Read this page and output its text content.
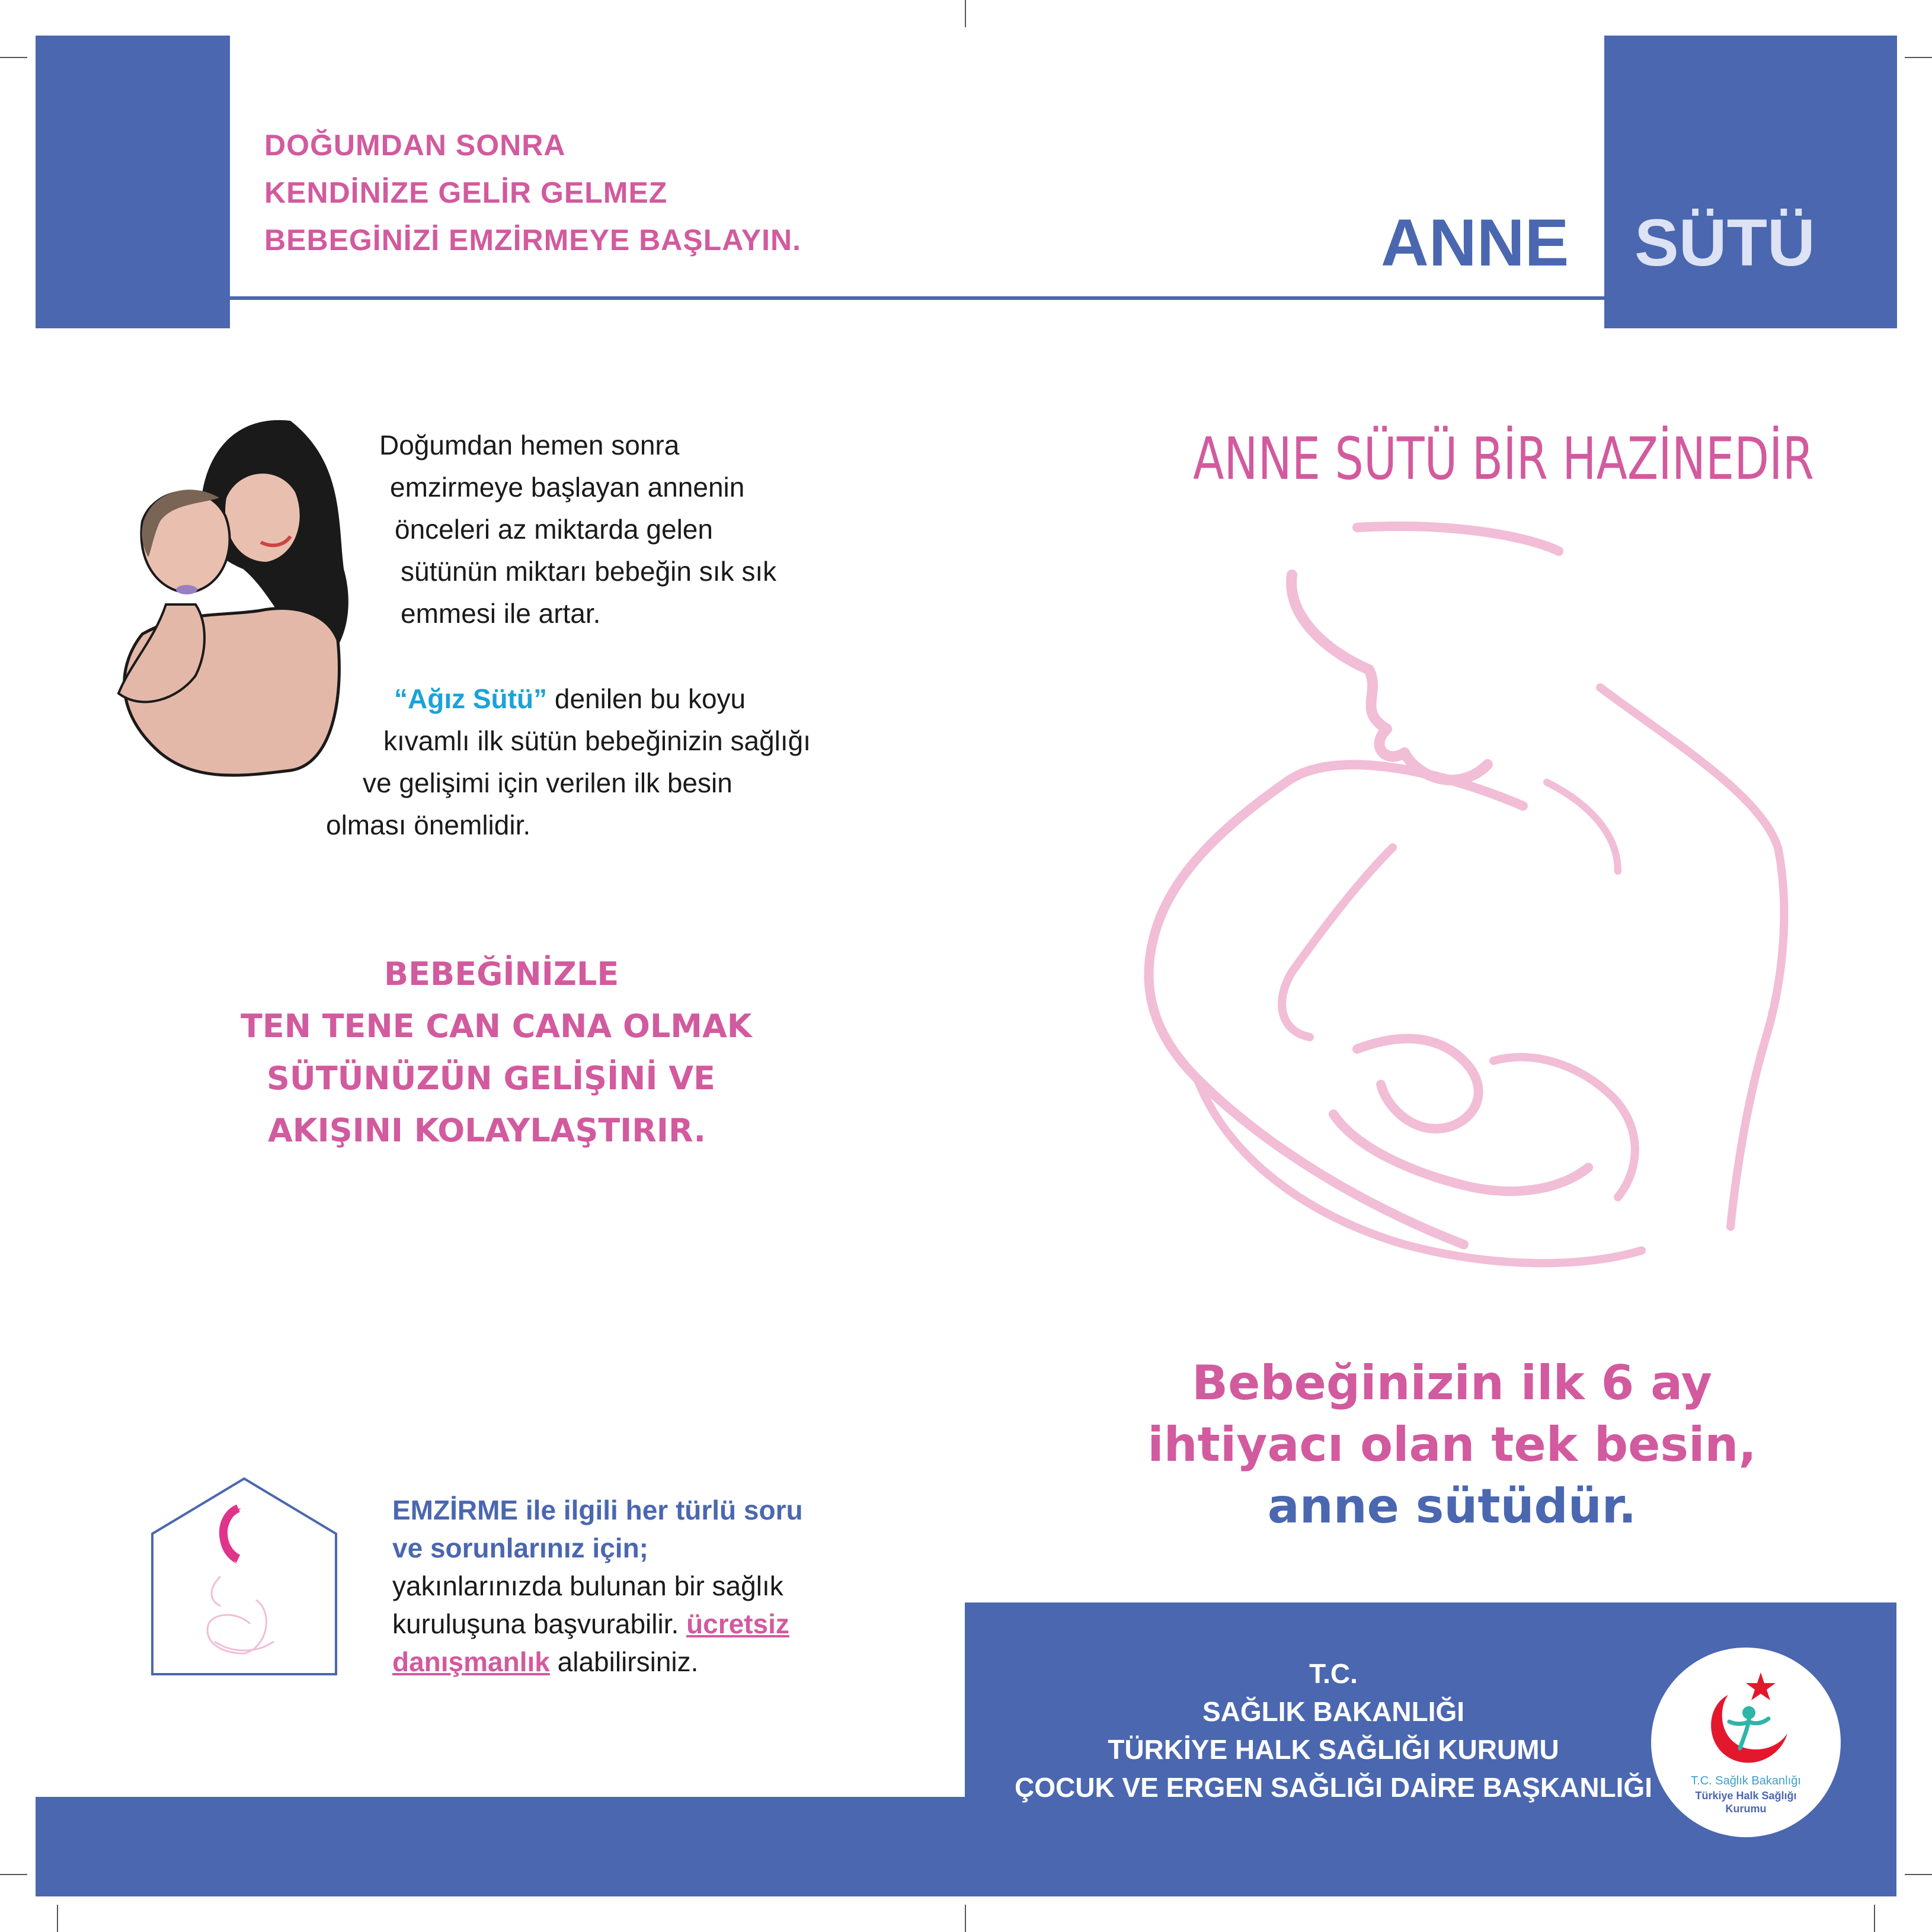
DOĞUMDAN SONRA
KENDİNİZE GELİR GELMEZ
BEBEGİNİZİ EMZİRMEYE BAŞLAYIN.	ANNE SÜTÜ
Doğumdan hemen sonra
emzirmeye başlayan annenin
önceleri az miktarda gelen
sütünün miktarı bebeğin sık sık
emmesi ile artar.
“Ağız Sütü” denilen bu koyu
kıvamlı ilk sütün bebeğinizin sağlığı
ve gelişimi için verilen ilk besin
olması önemlidir.
BEBEĞİNİZLE
TEN TENE CAN CANA OLMAK
SÜTÜNÜZÜN GELİŞİNİ VE
AKIŞINI KOLAYLAŞTIRIR.
EMZİRME ile ilgili her türlü soru
ve sorunlarınız için;
yakınlarınızda bulunan bir sağlık
kuruluşuna başvurabilir. ücretsiz
danışmanlık alabilirsiniz.
ANNE SÜTÜ BİR HAZİNEDİR
Bebeğinizin ilk 6 ay
ihtiyacı olan tek besin,
anne sütüdür.
T.C.
SAĞLIK BAKANLIĞI
TÜRKİYE HALK SAĞLIĞI KURUMU
ÇOCUK VE ERGEN SAĞLIĞI DAİRE BAŞKANLIĞI	T.C. Sağlık Bakanlığı
Türkiye Halk Sağlığı
Kurumu
